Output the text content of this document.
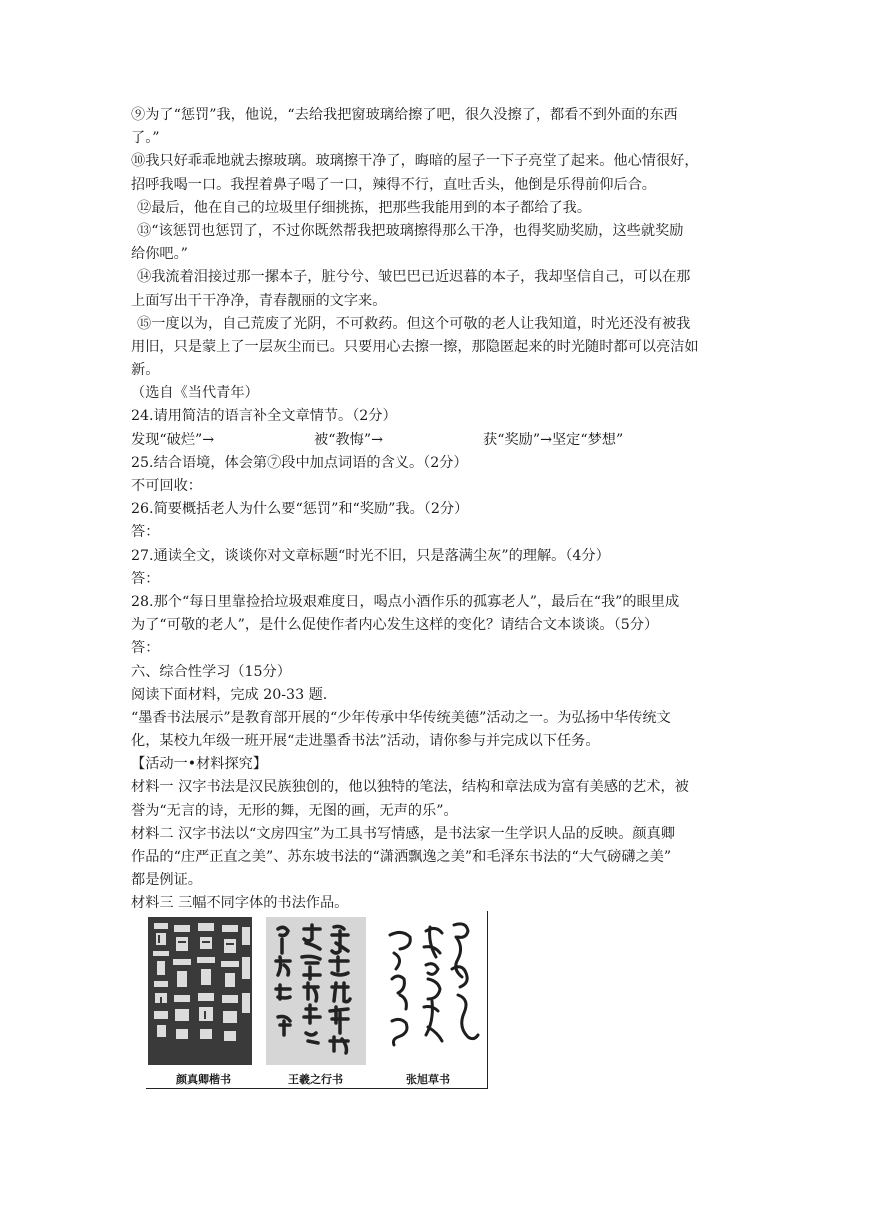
⑨为了“惩罚”我，他说，“去给我把窗玻璃给擦了吧，很久没擦了，都看不到外面的东西
了。”
⑩我只好乖乖地就去擦玻璃。玻璃擦干净了，晦暗的屋子一下子亮堂了起来。他心情很好，
招呼我喝一口。我捏着鼻子喝了一口，辣得不行，直吐舌头，他倒是乐得前仰后合。
⑫最后，他在自己的垃圾里仔细挑拣，把那些我能用到的本子都给了我。
⑬“该惩罚也惩罚了，不过你既然帮我把玻璃擦得那么干净，也得奖励奖励，这些就奖励
给你吧。”
⑭我流着泪接过那一摞本子，脏兮兮、皱巴巴已近迟暮的本子，我却坚信自己，可以在那
上面写出干干净净，青春靓丽的文字来。
⑮一度以为，自己荒废了光阴，不可救药。但这个可敬的老人让我知道，时光还没有被我
用旧，只是蒙上了一层灰尘而已。只要用心去擦一擦，那隐匿起来的时光随时都可以亮洁如
新。
（选自《当代青年）
24.请用简洁的语言补全文章情节。（2分）
发现“破烂”→	被“教悔”→	获“奖励”→坚定“梦想”
25.结合语境，体会第⑦段中加点词语的含义。（2分）
不可回收：
26.简要概括老人为什么要“惩罚”和“奖励”我。（2分）
答：
27.通读全文，谈谈你对文章标题“时光不旧，只是落满尘灰”的理解。（4分）
答：
28.那个“每日里靠捡拾垃圾艰难度日，喝点小酒作乐的孤寡老人”，最后在“我”的眼里成
为了“可敬的老人”，是什么促使作者内心发生这样的变化？请结合文本谈谈。（5分）
答：
六、综合性学习（15分）
阅读下面材料，完成 20-33 题.
“墨香书法展示”是教育部开展的“少年传承中华传统美德”活动之一。为弘扬中华传统文
化，某校九年级一班开展“走进墨香书法”活动，请你参与并完成以下任务。
【活动一•材料探究】
材料一 汉字书法是汉民族独创的，他以独特的笔法，结构和章法成为富有美感的艺术，被
誉为“无言的诗，无形的舞，无图的画，无声的乐”。
材料二 汉字书法以“文房四宝”为工具书写情感，是书法家一生学识人品的反映。颜真卿
作品的“庄严正直之美”、苏东坡书法的“潇洒飘逸之美”和毛泽东书法的“大气磅礴之美”
都是例证。
材料三 三幅不同字体的书法作品。
颜真卿楷书	王羲之行书	张旭草书
